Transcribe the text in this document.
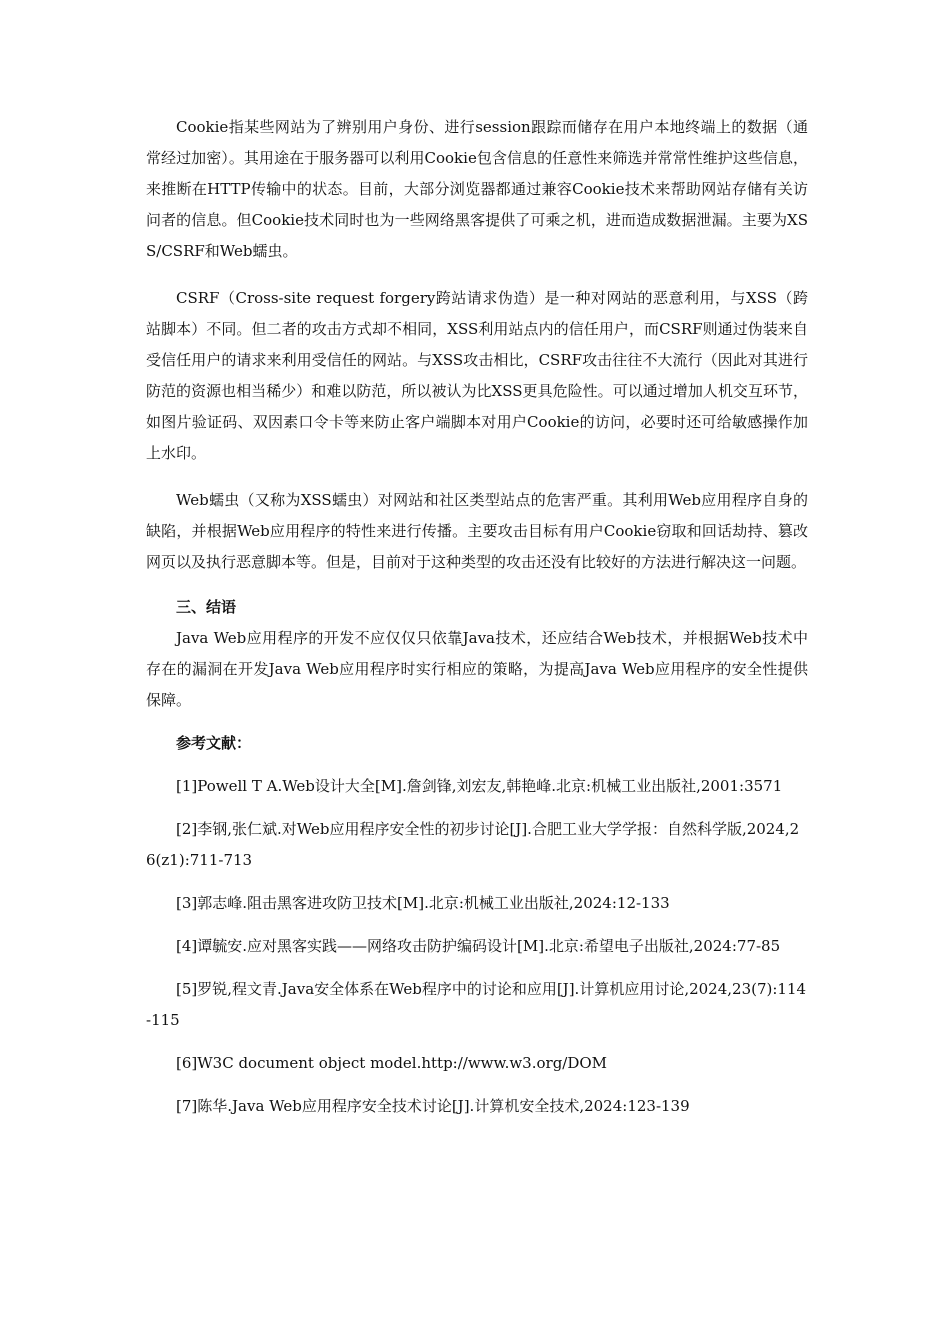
Cookie指某些网站为了辨别用户身份、进行session跟踪而储存在用户本地终端上的数据（通常经过加密）。其用途在于服务器可以利用Cookie包含信息的任意性来筛选并常常性维护这些信息，来推断在HTTP传输中的状态。目前，大部分浏览器都通过兼容Cookie技术来帮助网站存储有关访问者的信息。但Cookie技术同时也为一些网络黑客提供了可乘之机，进而造成数据泄漏。主要为XSS/CSRF和Web蠕虫。

CSRF（Cross-site request forgery跨站请求伪造）是一种对网站的恶意利用，与XSS（跨站脚本）不同。但二者的攻击方式却不相同，XSS利用站点内的信任用户，而CSRF则通过伪装来自受信任用户的请求来利用受信任的网站。与XSS攻击相比，CSRF攻击往往不大流行（因此对其进行防范的资源也相当稀少）和难以防范，所以被认为比XSS更具危险性。可以通过增加人机交互环节，如图片验证码、双因素口令卡等来防止客户端脚本对用户Cookie的访问，必要时还可给敏感操作加上水印。

Web蠕虫（又称为XSS蠕虫）对网站和社区类型站点的危害严重。其利用Web应用程序自身的缺陷，并根据Web应用程序的特性来进行传播。主要攻击目标有用户Cookie窃取和回话劫持、篡改网页以及执行恶意脚本等。但是，目前对于这种类型的攻击还没有比较好的方法进行解决这一问题。

三、结语

Java Web应用程序的开发不应仅仅只依靠Java技术，还应结合Web技术，并根据Web技术中存在的漏洞在开发Java Web应用程序时实行相应的策略，为提高Java Web应用程序的安全性提供保障。

参考文献：
[1]Powell T A.Web设计大全[M].詹剑锋,刘宏友,韩艳峰.北京:机械工业出版社,2001:3571
[2]李钢,张仁斌.对Web应用程序安全性的初步讨论[J].合肥工业大学学报：自然科学版,2024,26(z1):711-713
[3]郭志峰.阻击黑客进攻防卫技术[M].北京:机械工业出版社,2024:12-133
[4]谭毓安.应对黑客实践——网络攻击防护编码设计[M].北京:希望电子出版社,2024:77-85
[5]罗锐,程文青.Java安全体系在Web程序中的讨论和应用[J].计算机应用讨论,2024,23(7):114-115
[6]W3C document object model.http://www.w3.org/DOM
[7]陈华.Java Web应用程序安全技术讨论[J].计算机安全技术,2024:123-139
